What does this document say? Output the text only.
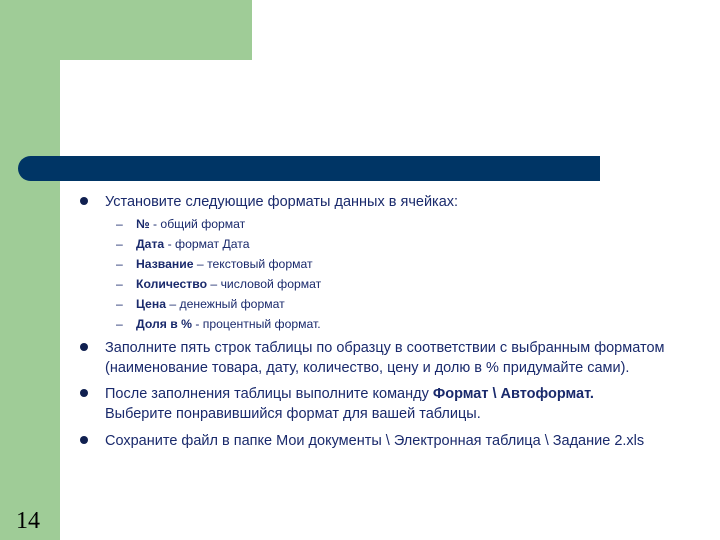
14
Установите следующие форматы данных в ячейках:
– № - общий формат
– Дата - формат Дата
– Название – текстовый формат
– Количество – числовой формат
– Цена – денежный формат
– Доля в % - процентный формат.
Заполните пять строк таблицы по образцу в соответствии с выбранным форматом (наименование товара, дату, количество, цену и долю в % придумайте сами).
После заполнения таблицы выполните команду Формат \ Автоформат.
Выберите понравившийся формат для вашей таблицы.
Сохраните файл в папке Мои документы \ Электронная таблица \ Задание 2.xls
